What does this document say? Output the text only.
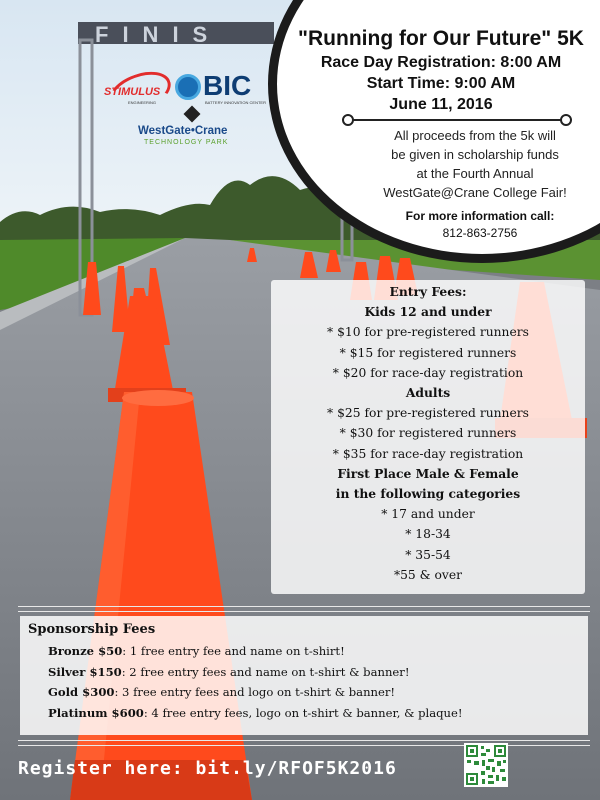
FINIS
STIMULUS
ENGINEERING
BIC
BATTERY INNOVATION CENTER
WestGate•Crane
TECHNOLOGY PARK
"Running for Our Future" 5K
Race Day Registration: 8:00 AM
Start Time: 9:00 AM
June 11, 2016
All proceeds from the 5k will
be given in scholarship funds
at the Fourth Annual
WestGate@Crane College Fair!
For more information call:
812-863-2756
Entry Fees:
Kids 12 and under
* $10 for pre-registered runners
* $15 for registered runners
* $20 for race-day registration
Adults
* $25 for pre-registered runners
* $30 for registered runners
* $35 for race-day registration
First Place Male & Female
in the following categories
* 17 and under
* 18-34
* 35-54
*55 & over
Sponsorship Fees
Bronze $50: 1 free entry fee and name on t-shirt!
Silver $150: 2 free entry fees and name on t-shirt & banner!
Gold $300: 3 free entry fees and logo on t-shirt & banner!
Platinum $600: 4 free entry fees, logo on t-shirt & banner, & plaque!
Register here: bit.ly/RFOF5K2016
